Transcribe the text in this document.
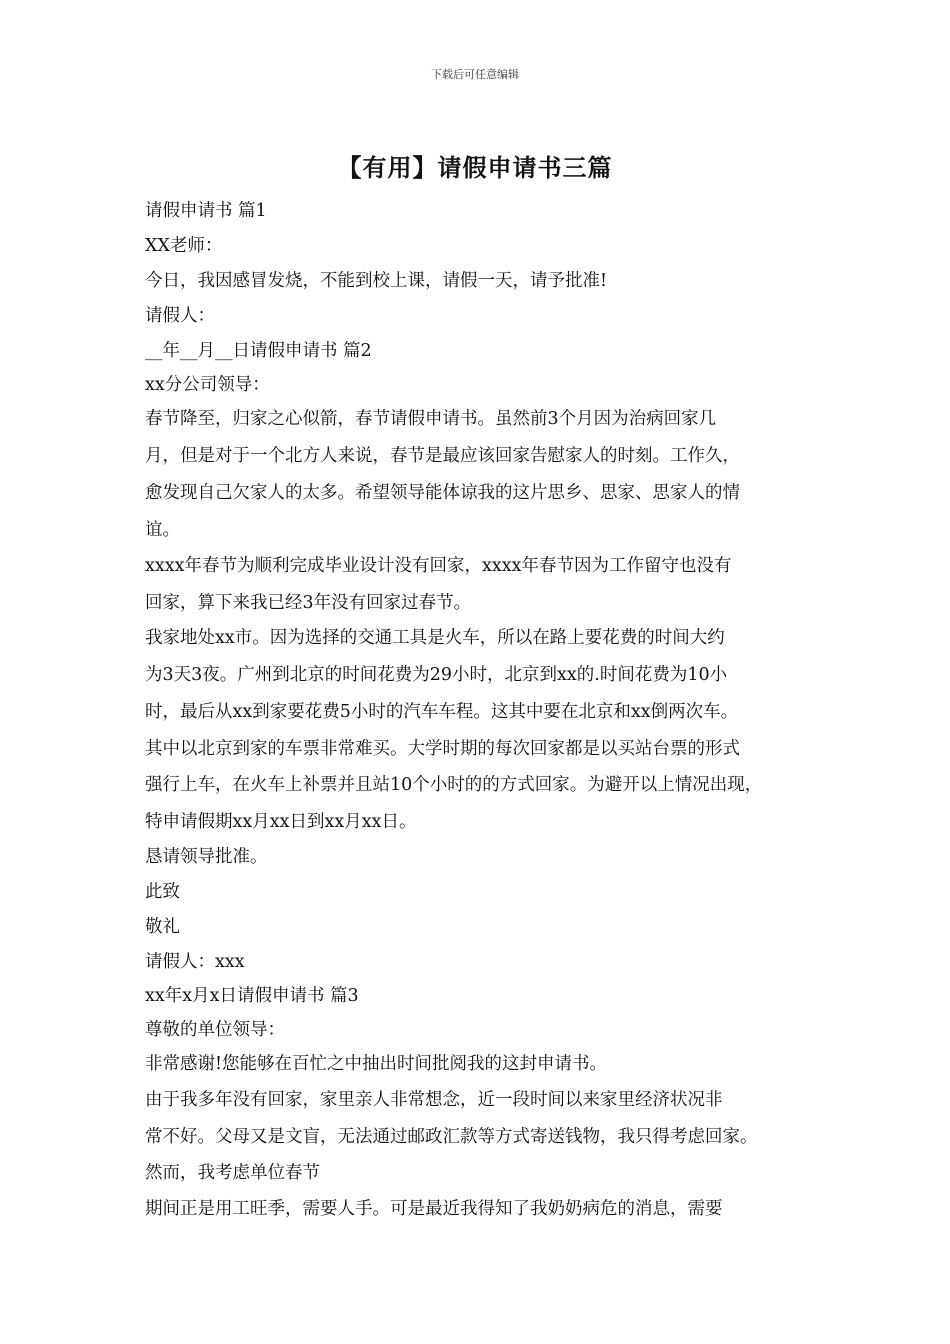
下载后可任意编辑
【有用】请假申请书三篇
请假申请书 篇1
XX老师：
今日，我因感冒发烧，不能到校上课，请假一天，请予批准!
请假人：
__年__月__日请假申请书 篇2
xx分公司领导：
春节降至，归家之心似箭，春节请假申请书。虽然前3个月因为治病回家几
月，但是对于一个北方人来说，春节是最应该回家告慰家人的时刻。工作久，
愈发现自己欠家人的太多。希望领导能体谅我的这片思乡、思家、思家人的情
谊。
xxxx年春节为顺利完成毕业设计没有回家，xxxx年春节因为工作留守也没有
回家，算下来我已经3年没有回家过春节。
我家地处xx市。因为选择的交通工具是火车，所以在路上要花费的时间大约
为3天3夜。广州到北京的时间花费为29小时，北京到xx的.时间花费为10小
时，最后从xx到家要花费5小时的汽车车程。这其中要在北京和xx倒两次车。
其中以北京到家的车票非常难买。大学时期的每次回家都是以买站台票的形式
强行上车，在火车上补票并且站10个小时的的方式回家。为避开以上情况出现，
特申请假期xx月xx日到xx月xx日。
恳请领导批准。
此致
敬礼
请假人：xxx
xx年x月x日请假申请书 篇3
尊敬的单位领导：
非常感谢!您能够在百忙之中抽出时间批阅我的这封申请书。
由于我多年没有回家，家里亲人非常想念，近一段时间以来家里经济状况非
常不好。父母又是文盲，无法通过邮政汇款等方式寄送钱物，我只得考虑回家。
然而，我考虑单位春节
期间正是用工旺季，需要人手。可是最近我得知了我奶奶病危的消息，需要
